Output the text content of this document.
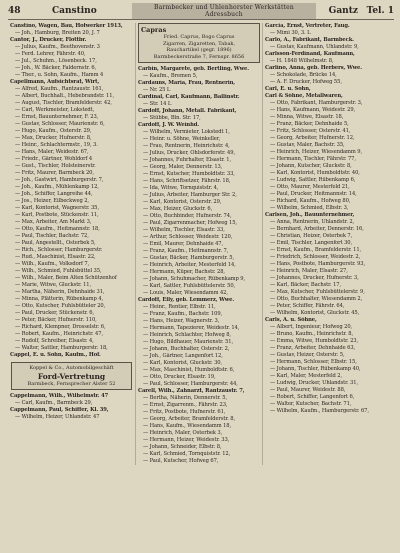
48	Canstino	Barmbecker und Uhlenhorster Werkstätten Adressbuch	Gantz Tel. 1
Canstino, Wagen, Bau, Hofwerker 1913,
— Joh., Hamburg, Breiten 20, J. 7
Cantor, J., Drucker, Flottbr.
— Julius, Kaufm., Beethovenstr. 3
— Ferd. Lehrer, Fährstr. 40,
— Jul., Schuhm., Lösenbeck. 17,
— Joh., W. Bäcker, Faldernstr. 6,
— Ther., u. Sohn, Kaufm., Hamm 4
Capellmann, Aufsichtsrat, Wirt,
— Alfred, Kaufm., Rantzaustr. 161,
— Albert, Buchhalt., Hebebrandstr. 11,
— August, Tischler, Bramfelderstr. 42,
— Carl, Werkmeister, Lokstedt,
— Ernst, Bauunternehmer, F. 23,
— Gustav, Schlosser, Maurienstr. 6,
— Hugo, Kaufm., Osterstr. 29,
— Max, Drucker, Hufnerstr. 8,
— Heinr., Schlachtermstr., 19, 3.
— Hans, Maler, Weidestr. 67,
— Friedr., Gärtner, Wohldorf 4
— Gust., Tischler, Holsteinerstr.
— Fritz, Maurer, Barmbeck 20,
— Joh., Gastwirt, Hamburgerstr. 7,
— Joh., Kaufm., Mühlenkamp 12,
— Joh., Schiffer, Langreihe 44,
— Jos., Heizer, Eilbeckweg 2,
— Karl, Kontorist, Wagnerstr. 35,
— Karl, Postbote, Stückenstr. 11,
— Max, Arbeiter, Am Markt 3,
— Otto, Kaufm., Heitmannstr. 18,
— Paul, Tischler, Bachstr. 72,
— Paul, Angestellt., Osterbek 5,
— Rich., Schlosser, Hamburgerstr.
— Rud., Maschinist, Elsastr. 22,
— Wilh., Kaufm., Volksdorf 7,
— Wilh., Schmied, Fuhlsbüttel 35,
— Wilh., Maler, Beim Alten Schützenhof
— Marie, Witwe, Gluckstr. 11,
— Martha, Näherin, Dehnhaide 31,
— Minna, Plätterin, Rübenkamp 4,
— Otto, Kutscher, Fuhlsbütteler 20,
— Paul, Drucker, Stückenstr. 6,
— Peter, Bäcker, Hufnerstr. 110,
— Richard, Klempner, Drosselstr. 6,
— Robert, Kaufm., Heinrichstr. 47,
— Rudolf, Schreiber, Elsastr. 4,
— Walter, Sattler, Hamburgerstr. 18,
Cappel, E. u. Sohn, Kaufm., Hof.
Koppel & Co., Automobilgeschäft
Ford-Vertretung
Barmbeck, Fernsprecher Alster 52
Cappelmann, Wilh., Wilhelmstr. 47
— Carl, Kaufm., Barmbeck 29,
Cappelmann, Paul, Schiffer, Kl. 39,
— Wilhelm, Heizer, Uhlandstr. 47
Capras
Fried. Caprus, Bogo Caprus
Zigarren, Zigaretten, Tabak,
Rauchartikel (gegr. 1896)
Barmbeckerstraße 7, Fernspr. 8656
Carbin, Margarete, geb. Bertling, Wwe.
— Kaufm., Bremen 5,
Cardauns, Maria, Frau, Rentnerin,
— Nr. 25 L
Cardinal, Carl, Kaufmann, Ballinstr.
— Str. 14 L
Cardoff, Johann, Metall. Fabrikant,
— Stübbe, Bln. Str. 17,
Cardoff, J. W. Weinhd.
— Wilhelm, Vermieter, Lokstedt 1,
— Heinr. u. Söhne, Weinkeller,
— Frau, Rentnerin, Heinrichstr. 4,
— Julius, Drucker, Ohlsdorferstr. 49,
— Johannes, Fuhrhalter, Elsastr. 1,
— Georg, Maler, Dennerstr. 13,
— Ernst, Kutscher, Humboldtstr. 33,
— Hans, Schriftsetzer, Fährstr. 18,
— Ida, Witwe, Tornquiststr. 4,
— Julius, Arbeiter, Hamburger Str. 2,
— Karl, Kontorist, Osterstr. 29,
— Max, Heizer, Gluckstr. 6,
— Otto, Buchbinder, Hufnerstr. 74,
— Paul, Zigarrenmacher, Hofweg 15,
— Wilhelm, Tischler, Elsastr. 33,
— Arthur, Schlosser, Weidestr. 120,
— Emil, Maurer, Dehnhaide 47,
— Franz, Kaufm., Heitmannstr. 7,
— Gustav, Bäcker, Hamburgerstr. 5,
— Heinrich, Arbeiter, Mesterfeld 14,
— Hermann, Küper, Bachstr. 28,
— Johann, Schuhmacher, Rübenkamp 9,
— Karl, Sattler, Fuhlsbüttelerstr. 50,
— Louis, Maler, Wiesendamm 42,
Cardoff, Elly, geb. Lemmerz, Wwe.
— Heinr., Rentier, Elbstr. 11,
— Franz, Kaufm., Bachstr. 109,
— Hans, Heizer, Wagnerstr. 3,
— Hermann, Tapezierer, Weidestr. 14,
— Heinrich, Schlachter, Hofweg 8,
— Hugo, Bildhauer, Maurienstr. 51,
— Johann, Buchhalter, Osterstr. 2,
— Joh., Gärtner, Langenfort 12,
— Karl, Kontorist, Gluckstr. 30,
— Max, Maschinist, Humboldtstr. 6,
— Otto, Drucker, Elsastr. 19,
— Paul, Schlosser, Hamburgerstr. 44,
Carell, Wilh., Zahnarzt, Rantzaustr. 7,
— Bertha, Näherin, Dennerstr. 5,
— Ernst, Zigarrenm., Fährstr. 23,
— Fritz, Postbote, Hufnerstr. 61,
— Georg, Arbeiter, Bramfelderstr. 8,
— Hans, Kaufm., Wiesendamm 18,
— Heinrich, Maler, Osterbek 3,
— Hermann, Heizer, Weidestr. 33,
— Johann, Schneider, Elbstr. 8,
— Karl, Schmied, Tornquiststr. 12,
— Paul, Kutscher, Hofweg 67,
Garcia, Ernst, Vertreter, Faug.
— Mimi 30, 3. L
Carlo, A., Fabrikant, Barmbeck.
— Gustav, Kaufmann, Uhlandstr. 9,
Carlsson-Ferdinand, Kaufmann,
— H. 1848 Wilhelmstr. 8,
Carlino, Anna, geb. Herbers, Wwe.
— Schokolade, Brücke 14,
— A. F. Drucker, Hofweg 55,
Carl, E. u. Sohn,
Carl & Söhne, Metallwaren,
— Otto, Fabrikant, Hamburgerstr. 3,
— Hans, Kaufmann, Weidestr. 29,
— Minna, Witwe, Elsastr. 18,
— Franz, Bäcker, Dehnhaide 5,
— Fritz, Schlosser, Osterstr. 41,
— Georg, Arbeiter, Hufnerstr. 12,
— Gustav, Maler, Bachstr. 35,
— Heinrich, Heizer, Wiesendamm 9,
— Hermann, Tischler, Fährstr. 77,
— Johann, Kutscher, Gluckstr. 8,
— Karl, Kontorist, Humboldtstr. 40,
— Ludwig, Sattler, Rübenkamp 6,
— Otto, Maurer, Mesterfeld 21,
— Paul, Drucker, Heitmannstr. 14,
— Richard, Kaufm., Hofweg 80,
— Wilhelm, Schmied, Elbstr. 3,
Carlsen, Joh., Bauunternehmer,
— Anna, Rentnerin, Uhlandstr. 2,
— Bernhard, Arbeiter, Dennerstr. 16,
— Christian, Heizer, Osterbek 7,
— Emil, Tischler, Langenfort 30,
— Ernst, Kaufm., Bramfelderstr. 11,
— Friedrich, Schlosser, Weidestr. 2,
— Hans, Postbote, Hamburgerstr. 93,
— Heinrich, Maler, Elsastr. 27,
— Johannes, Drucker, Hufnerstr. 3,
— Karl, Bäcker, Bachstr. 17,
— Max, Kutscher, Fuhlsbüttelerstr. 9,
— Otto, Buchhalter, Wiesendamm 2,
— Peter, Schiffer, Fährstr. 64,
— Wilhelm, Kontorist, Gluckstr. 45,
Carls, A. u. Söhne,
— Albert, Ingenieur, Hofweg 20,
— Bruno, Kaufm., Heinrichstr. 8,
— Emma, Witwe, Humboldtstr. 23,
— Franz, Arbeiter, Dehnhaide 63,
— Gustav, Heizer, Osterstr. 5,
— Hermann, Schlosser, Elbstr. 15,
— Johann, Tischler, Rübenkamp 40,
— Karl, Maler, Mesterfeld 2,
— Ludwig, Drucker, Uhlandstr. 31,
— Paul, Maurer, Weidestr. 88,
— Robert, Schiffer, Langenfort 6,
— Walter, Kutscher, Bachstr. 71,
— Wilhelm, Kaufm., Hamburgerstr. 67,
